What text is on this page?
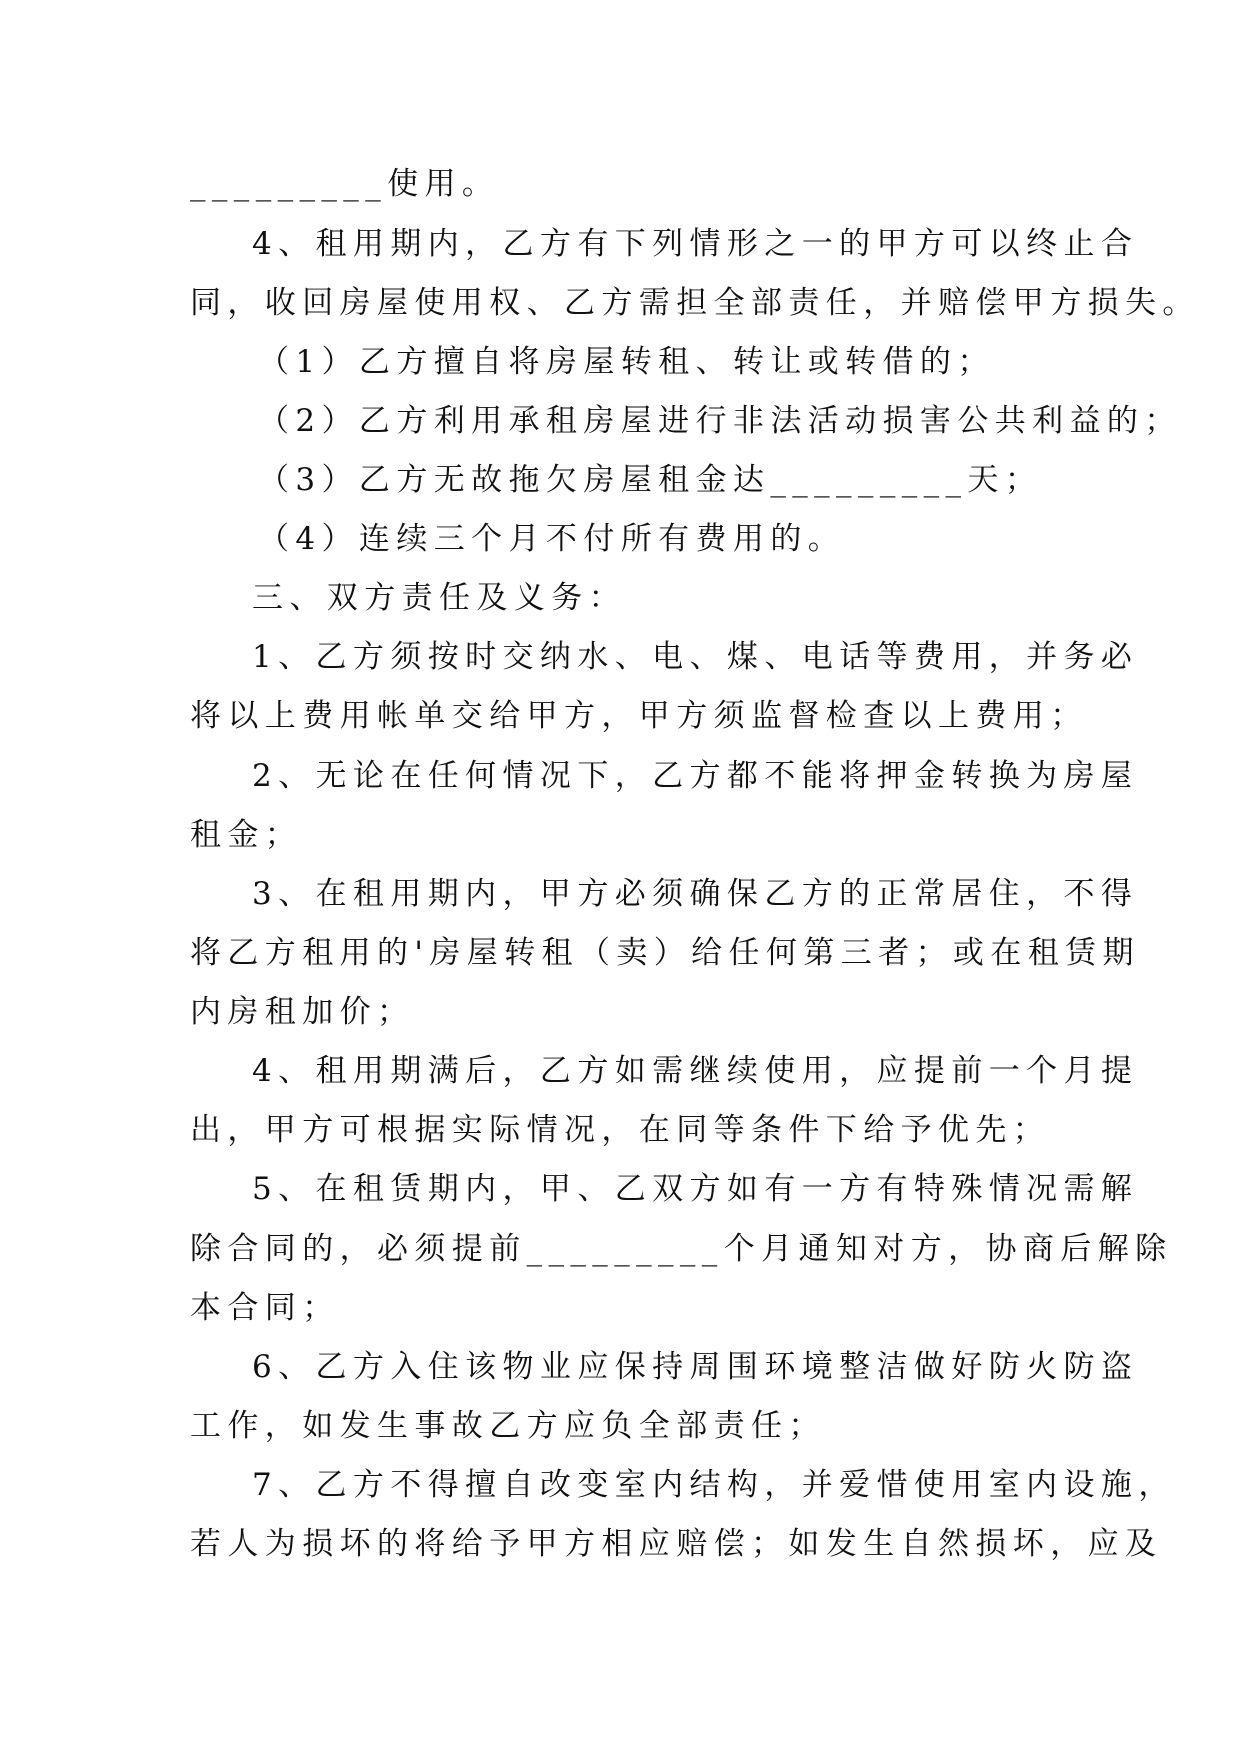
_________使用。
4、租用期内，乙方有下列情形之一的甲方可以终止合
同，收回房屋使用权、乙方需担全部责任，并赔偿甲方损失。
（1）乙方擅自将房屋转租、转让或转借的；
（2）乙方利用承租房屋进行非法活动损害公共利益的；
（3）乙方无故拖欠房屋租金达_________天；
（4）连续三个月不付所有费用的。
三、双方责任及义务：
1、乙方须按时交纳水、电、煤、电话等费用，并务必
将以上费用帐单交给甲方，甲方须监督检查以上费用；
2、无论在任何情况下，乙方都不能将押金转换为房屋
租金；
3、在租用期内，甲方必须确保乙方的正常居住，不得
将乙方租用的'房屋转租（卖）给任何第三者；或在租赁期
内房租加价；
4、租用期满后，乙方如需继续使用，应提前一个月提
出，甲方可根据实际情况，在同等条件下给予优先；
5、在租赁期内，甲、乙双方如有一方有特殊情况需解
除合同的，必须提前_________个月通知对方，协商后解除
本合同；
6、乙方入住该物业应保持周围环境整洁做好防火防盗
工作，如发生事故乙方应负全部责任；
7、乙方不得擅自改变室内结构，并爱惜使用室内设施，
若人为损坏的将给予甲方相应赔偿；如发生自然损坏，应及
